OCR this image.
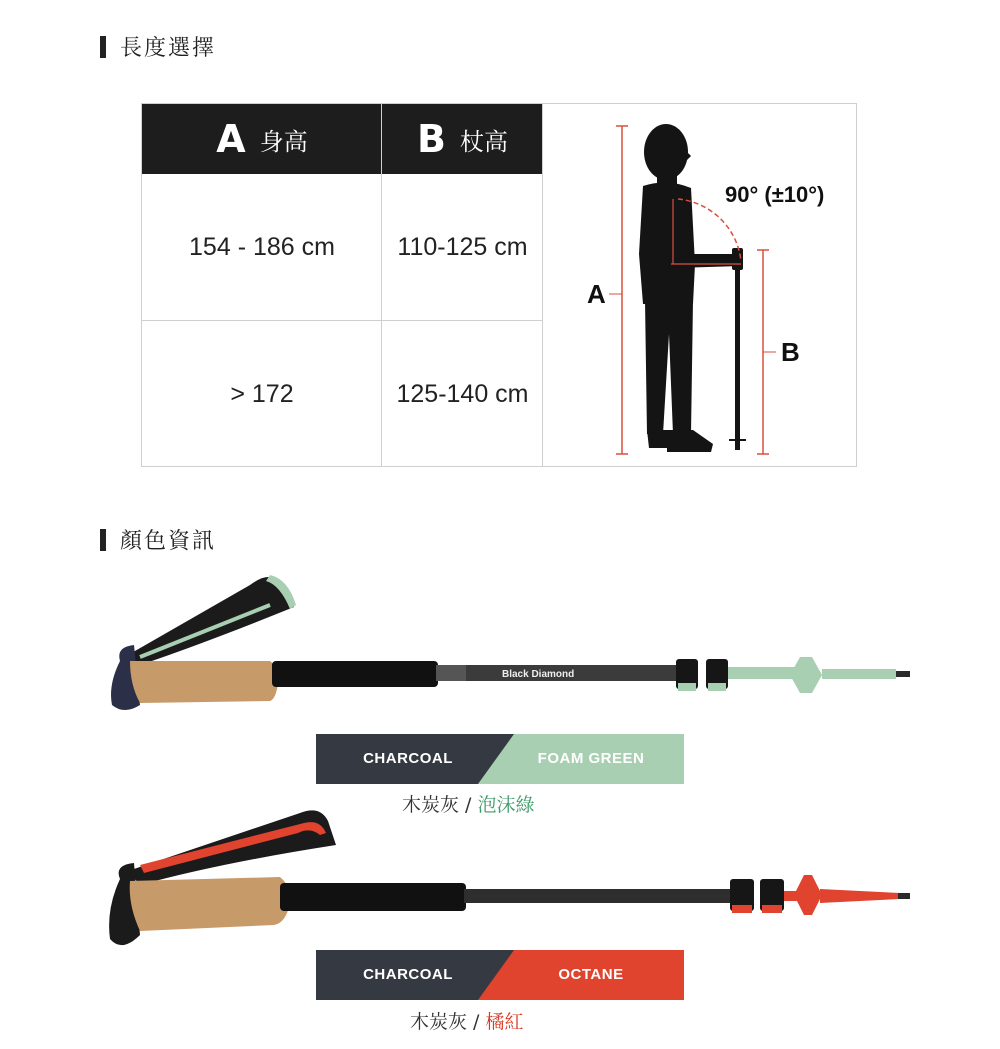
長度選擇
A 身高	B 杖高
154 - 186 cm	110-125 cm
> 172	125-140 cm
90° (±10°)
A
B
顏色資訊
Black Diamond
CHARCOAL	FOAM GREEN
木炭灰 / 泡沫綠
CHARCOAL	OCTANE
木炭灰 / 橘紅
